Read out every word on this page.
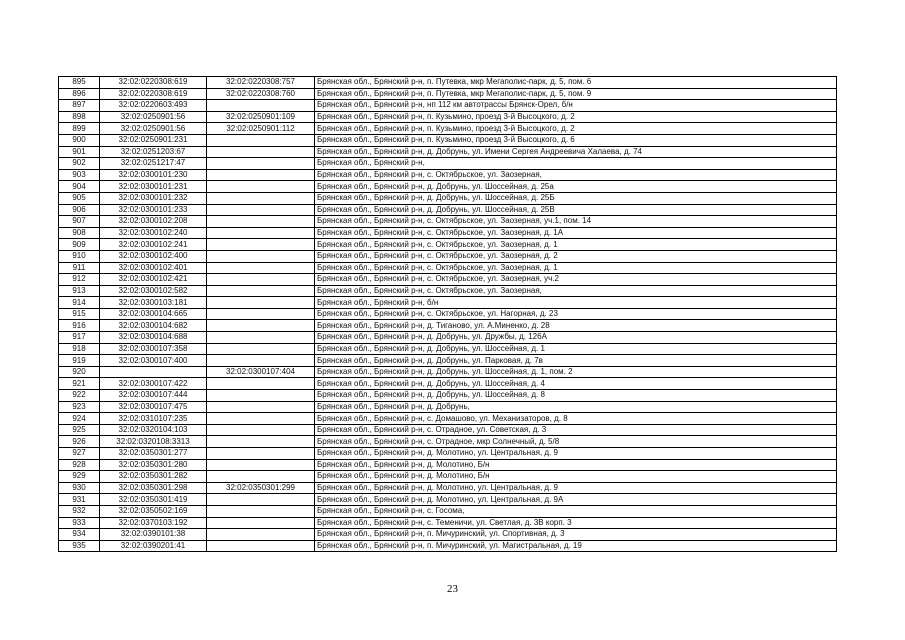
895	32:02:0220308:619	32:02:0220308:757	Брянская обл., Брянский р-н, п. Путевка, мкр Мегаполис-парк, д. 5, пом. 6
896	32:02:0220308:619	32:02:0220308:760	Брянская обл., Брянский р-н, п. Путевка, мкр Мегаполис-парк, д. 5, пом. 9
897	32:02:0220603:493		Брянская обл., Брянский р-н, нп 112 км автотрассы Брянск-Орел, б/н
898	32:02:0250901:56	32:02:0250901:109	Брянская обл., Брянский р-н, п. Кузьмино, проезд 3-й Высоцкого, д. 2
899	32:02:0250901:56	32:02:0250901:112	Брянская обл., Брянский р-н, п. Кузьмино, проезд 3-й Высоцкого, д. 2
900	32:02:0250901:231		Брянская обл., Брянский р-н, п. Кузьмино, проезд 3-й Высоцкого, д. 6
901	32:02:0251203:67		Брянская обл., Брянский р-н, д. Добрунь, ул. Имени Сергея Андреевича Халаева, д. 74
902	32:02:0251217:47		Брянская обл., Брянский р-н,
903	32:02:0300101:230		Брянская обл., Брянский р-н, с. Октябрьское, ул. Заозерная,
904	32:02:0300101:231		Брянская обл., Брянский р-н, д. Добрунь, ул. Шоссейная, д. 25а
905	32:02:0300101:232		Брянская обл., Брянский р-н, д. Добрунь, ул. Шоссейная, д. 25Б
906	32:02:0300101:233		Брянская обл., Брянский р-н, д. Добрунь, ул. Шоссейная, д. 25В
907	32:02:0300102:208		Брянская обл., Брянский р-н, с. Октябрьское, ул. Заозерная, уч.1, пом. 14
908	32:02:0300102:240		Брянская обл., Брянский р-н, с. Октябрьское, ул. Заозерная, д. 1А
909	32:02:0300102:241		Брянская обл., Брянский р-н, с. Октябрьское, ул. Заозерная, д. 1
910	32:02:0300102:400		Брянская обл., Брянский р-н, с. Октябрьское, ул. Заозерная, д. 2
911	32:02:0300102:401		Брянская обл., Брянский р-н, с. Октябрьское, ул. Заозерная, д. 1
912	32:02:0300102:421		Брянская обл., Брянский р-н, с. Октябрьское, ул. Заозерная, уч.2
913	32:02:0300102:582		Брянская обл., Брянский р-н, с. Октябрьское, ул. Заозерная,
914	32:02:0300103:181		Брянская обл., Брянский р-н, б/н
915	32:02:0300104:665		Брянская обл., Брянский р-н, с. Октябрьское, ул. Нагорная, д. 23
916	32:02:0300104:682		Брянская обл., Брянский р-н, д. Тиганово, ул. А.Миненко, д. 28
917	32:02:0300104:688		Брянская обл., Брянский р-н, д. Добрунь, ул. Дружбы, д. 126А
918	32:02:0300107:358		Брянская обл., Брянский р-н, д. Добрунь, ул. Шоссейная, д. 1
919	32:02:0300107:400		Брянская обл., Брянский р-н, д. Добрунь, ул. Парковая, д. 7в
920		32:02:0300107:404	Брянская обл., Брянский р-н, д. Добрунь, ул. Шоссейная, д. 1, пом. 2
921	32:02:0300107:422		Брянская обл., Брянский р-н, д. Добрунь, ул. Шоссейная, д. 4
922	32:02:0300107:444		Брянская обл., Брянский р-н, д. Добрунь, ул. Шоссейная, д. 8
923	32:02:0300107:475		Брянская обл., Брянский р-н, д. Добрунь,
924	32:02:0310107:235		Брянская обл., Брянский р-н, с. Домашово, ул. Механизаторов, д. 8
925	32:02:0320104:103		Брянская обл., Брянский р-н, с. Отрадное, ул. Советская, д. 3
926	32:02:0320108:3313		Брянская обл., Брянский р-н, с. Отрадное, мкр Солнечный, д. 5/8
927	32:02:0350301:277		Брянская обл., Брянский р-н, д. Молотино, ул. Центральная, д. 9
928	32:02:0350301:280		Брянская обл., Брянский р-н, д. Молотино, Б/н
929	32:02:0350301:282		Брянская обл., Брянский р-н, д. Молотино, Б/н
930	32:02:0350301:298	32:02:0350301:299	Брянская обл., Брянский р-н, д. Молотино, ул. Центральная, д. 9
931	32:02:0350301:419		Брянская обл., Брянский р-н, д. Молотино, ул. Центральная, д. 9А
932	32:02:0350502:169		Брянская обл., Брянский р-н, с. Госома,
933	32:02:0370103:192		Брянская обл., Брянский р-н, с. Теменичи, ул. Светлая, д. 3В корп. 3
934	32:02:0390101:38		Брянская обл., Брянский р-н, п. Мичуринский, ул. Спортивная, д. 3
935	32:02:0390201:41		Брянская обл., Брянский р-н, п. Мичуринский, ул. Магистральная, д. 19
23
